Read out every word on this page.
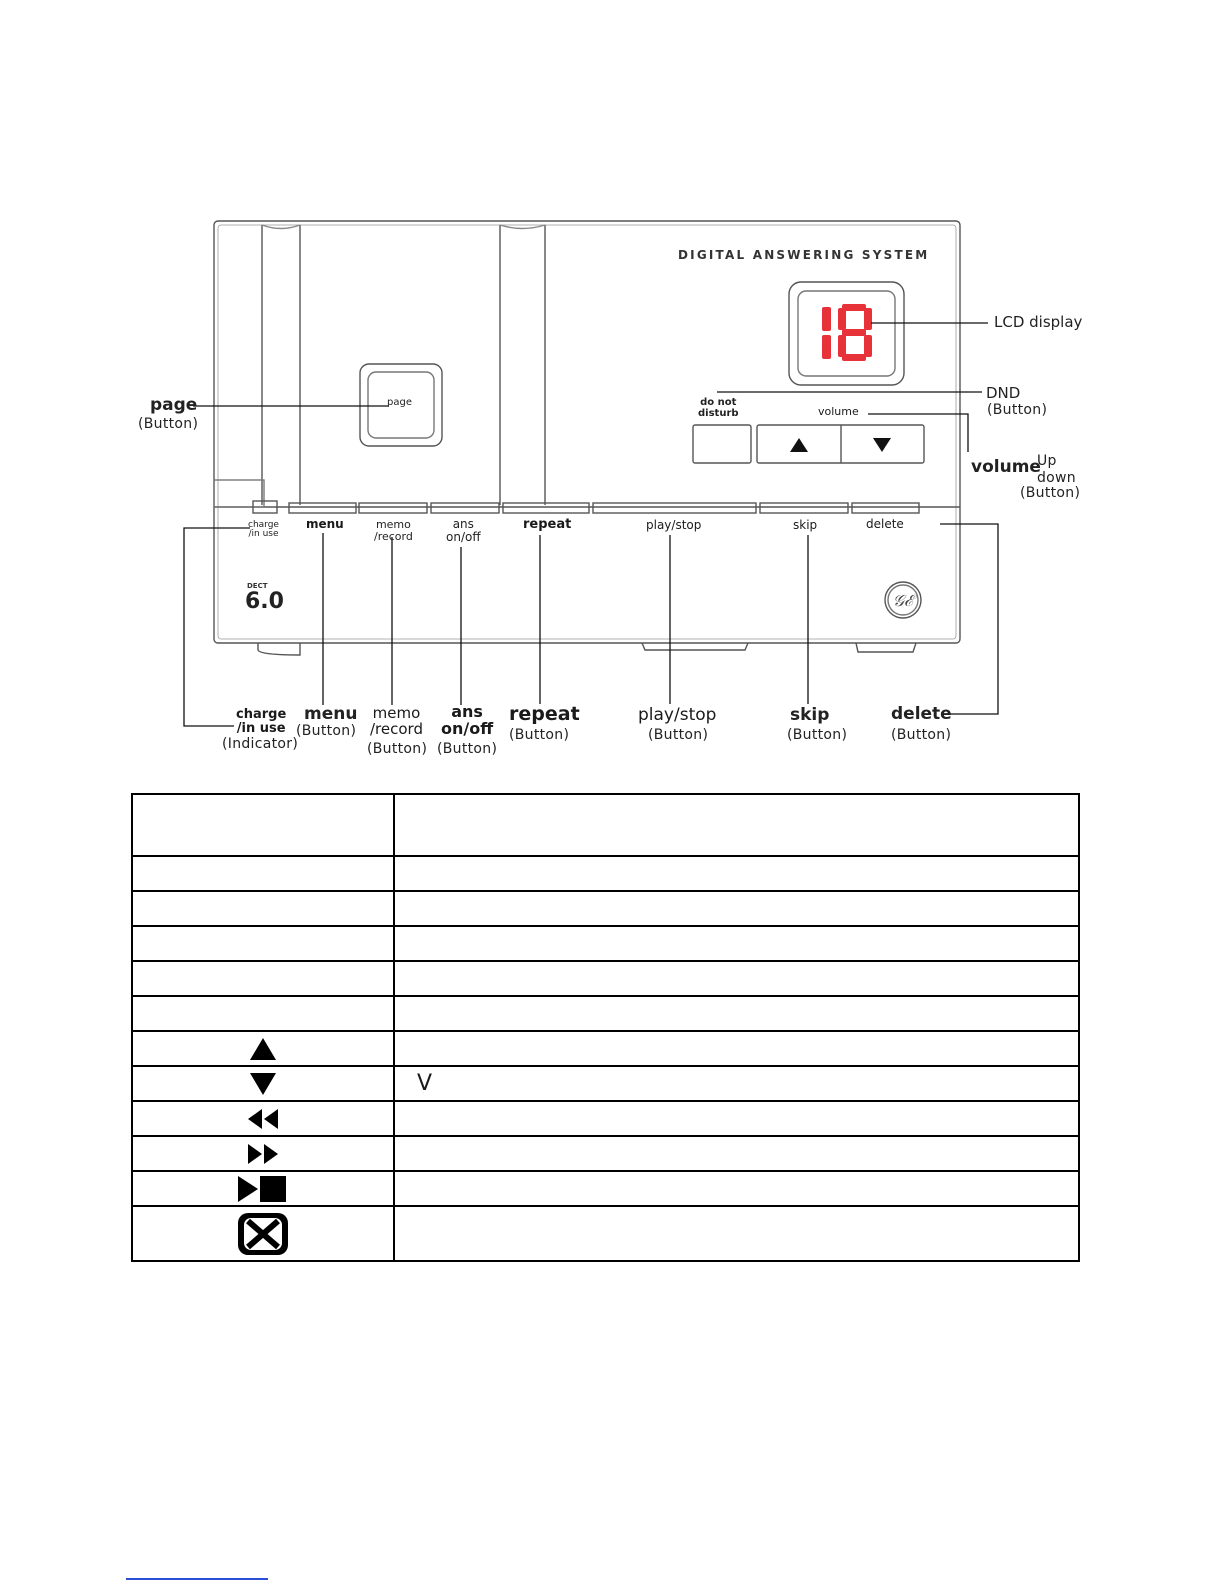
𝒢ℰ
DIGITAL ANSWERING SYSTEM
page	do not
disturb	volume
DECT
6.0
charge
/in use
menu	memo
/record
ans
on/off
repeat	play/stop	skip	delete
page
(Button)
LCD display
DND
(Button)
volume
Up
down
(Button)
charge
/in use
(Indicator)
menu
(Button)
memo
/record
(Button)
ans
on/off
(Button)
repeat
(Button)
play/stop
(Button)
skip
(Button)
delete
(Button)

	V
